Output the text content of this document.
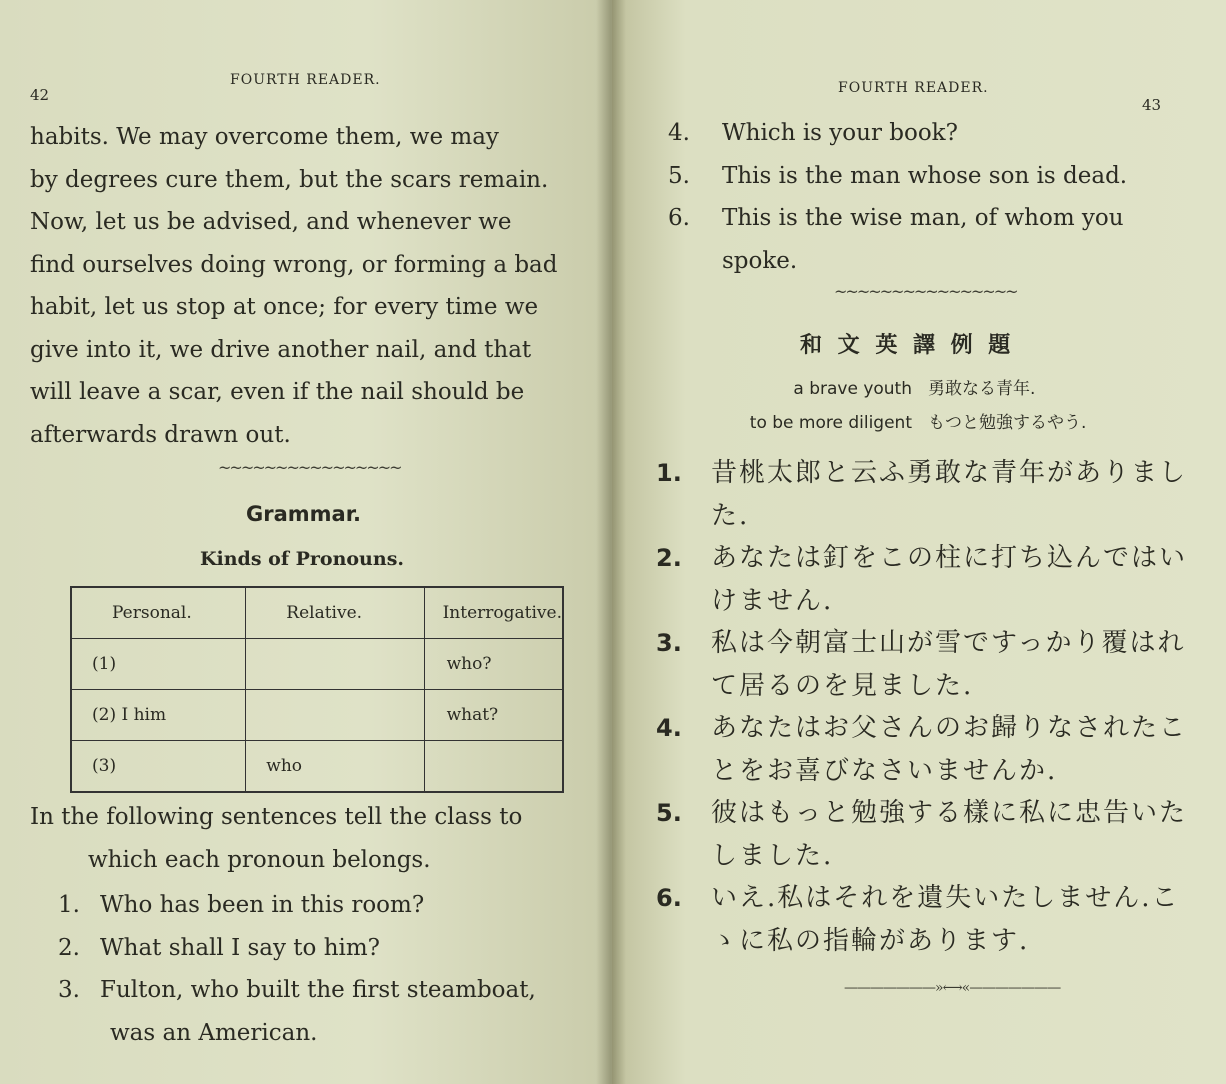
42
FOURTH READER.
habits. We may overcome them, we may
by degrees cure them, but the scars remain.
Now, let us be advised, and whenever we
find ourselves doing wrong, or forming a bad
habit, let us stop at once; for every time we
give into it, we drive another nail, and that
will leave a scar, even if the nail should be
afterwards drawn out.
~~~~~~~~~~~~~~~~
Grammar.
Kinds of Pronouns.
Personal.	Relative.	Interrogative.
(1)		who?
(2) I him		what?
(3)	who	
In the following sentences tell the class to
which each pronoun belongs.
1. Who has been in this room?
2. What shall I say to him?
3. Fulton, who built the first steamboat,
was an American.
FOURTH READER.
43
4. Which is your book?
5. This is the man whose son is dead.
6. This is the wise man, of whom you
spoke.
~~~~~~~~~~~~~~~~
和 文 英 譯 例 題
a brave youth 勇敢なる青年.
to be more diligent もつと勉強するやう.
1. 昔桃太郎と云ふ勇敢な青年がありまし
た.
2. あなたは釘をこの柱に打ち込んではい
けません.
3. 私は今朝富士山が雪ですっかり覆はれ
て居るのを見ました.
4. あなたはお父さんのお歸りなされたこ
とをお喜びなさいませんか.
5. 彼はもっと勉強する樣に私に忠告いた
しました.
6. いえ.私はそれを遺失いたしません.こ
ゝに私の指輪があります.
———————»⟷«———————
